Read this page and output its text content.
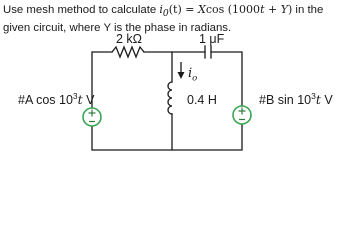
Use mesh method to calculate $i_0(t) = Xcos$ (1000t + Y) in the given circuit, where Y is the phase in radians.

2 kΩ	1 μF
$i_o$
0.4 H
#A $\cos 10^3t$ V	#B $\sin 10^3t$ V
